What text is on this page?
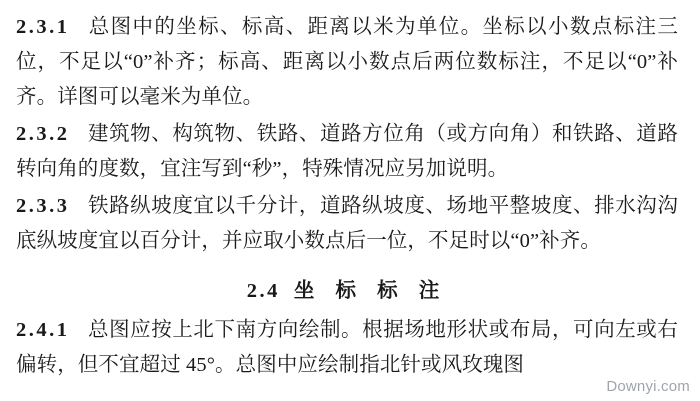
2.3.1 总图中的坐标、标高、距离以米为单位。坐标以小数点标注三位，不足以“0”补齐；标高、距离以小数点后两位数标注，不足以“0”补齐。详图可以毫米为单位。

2.3.2 建筑物、构筑物、铁路、道路方位角（或方向角）和铁路、道路转向角的度数，宜注写到“秒”，特殊情况应另加说明。

2.3.3 铁路纵坡度宜以千分计，道路纵坡度、场地平整坡度、排水沟沟底纵坡度宜以百分计，并应取小数点后一位，不足时以“0”补齐。

2.4 坐 标 标 注

2.4.1 总图应按上北下南方向绘制。根据场地形状或布局，可向左或右偏转，但不宜超过 45°。总图中应绘制指北针或风玫瑰图

Downyi.com
